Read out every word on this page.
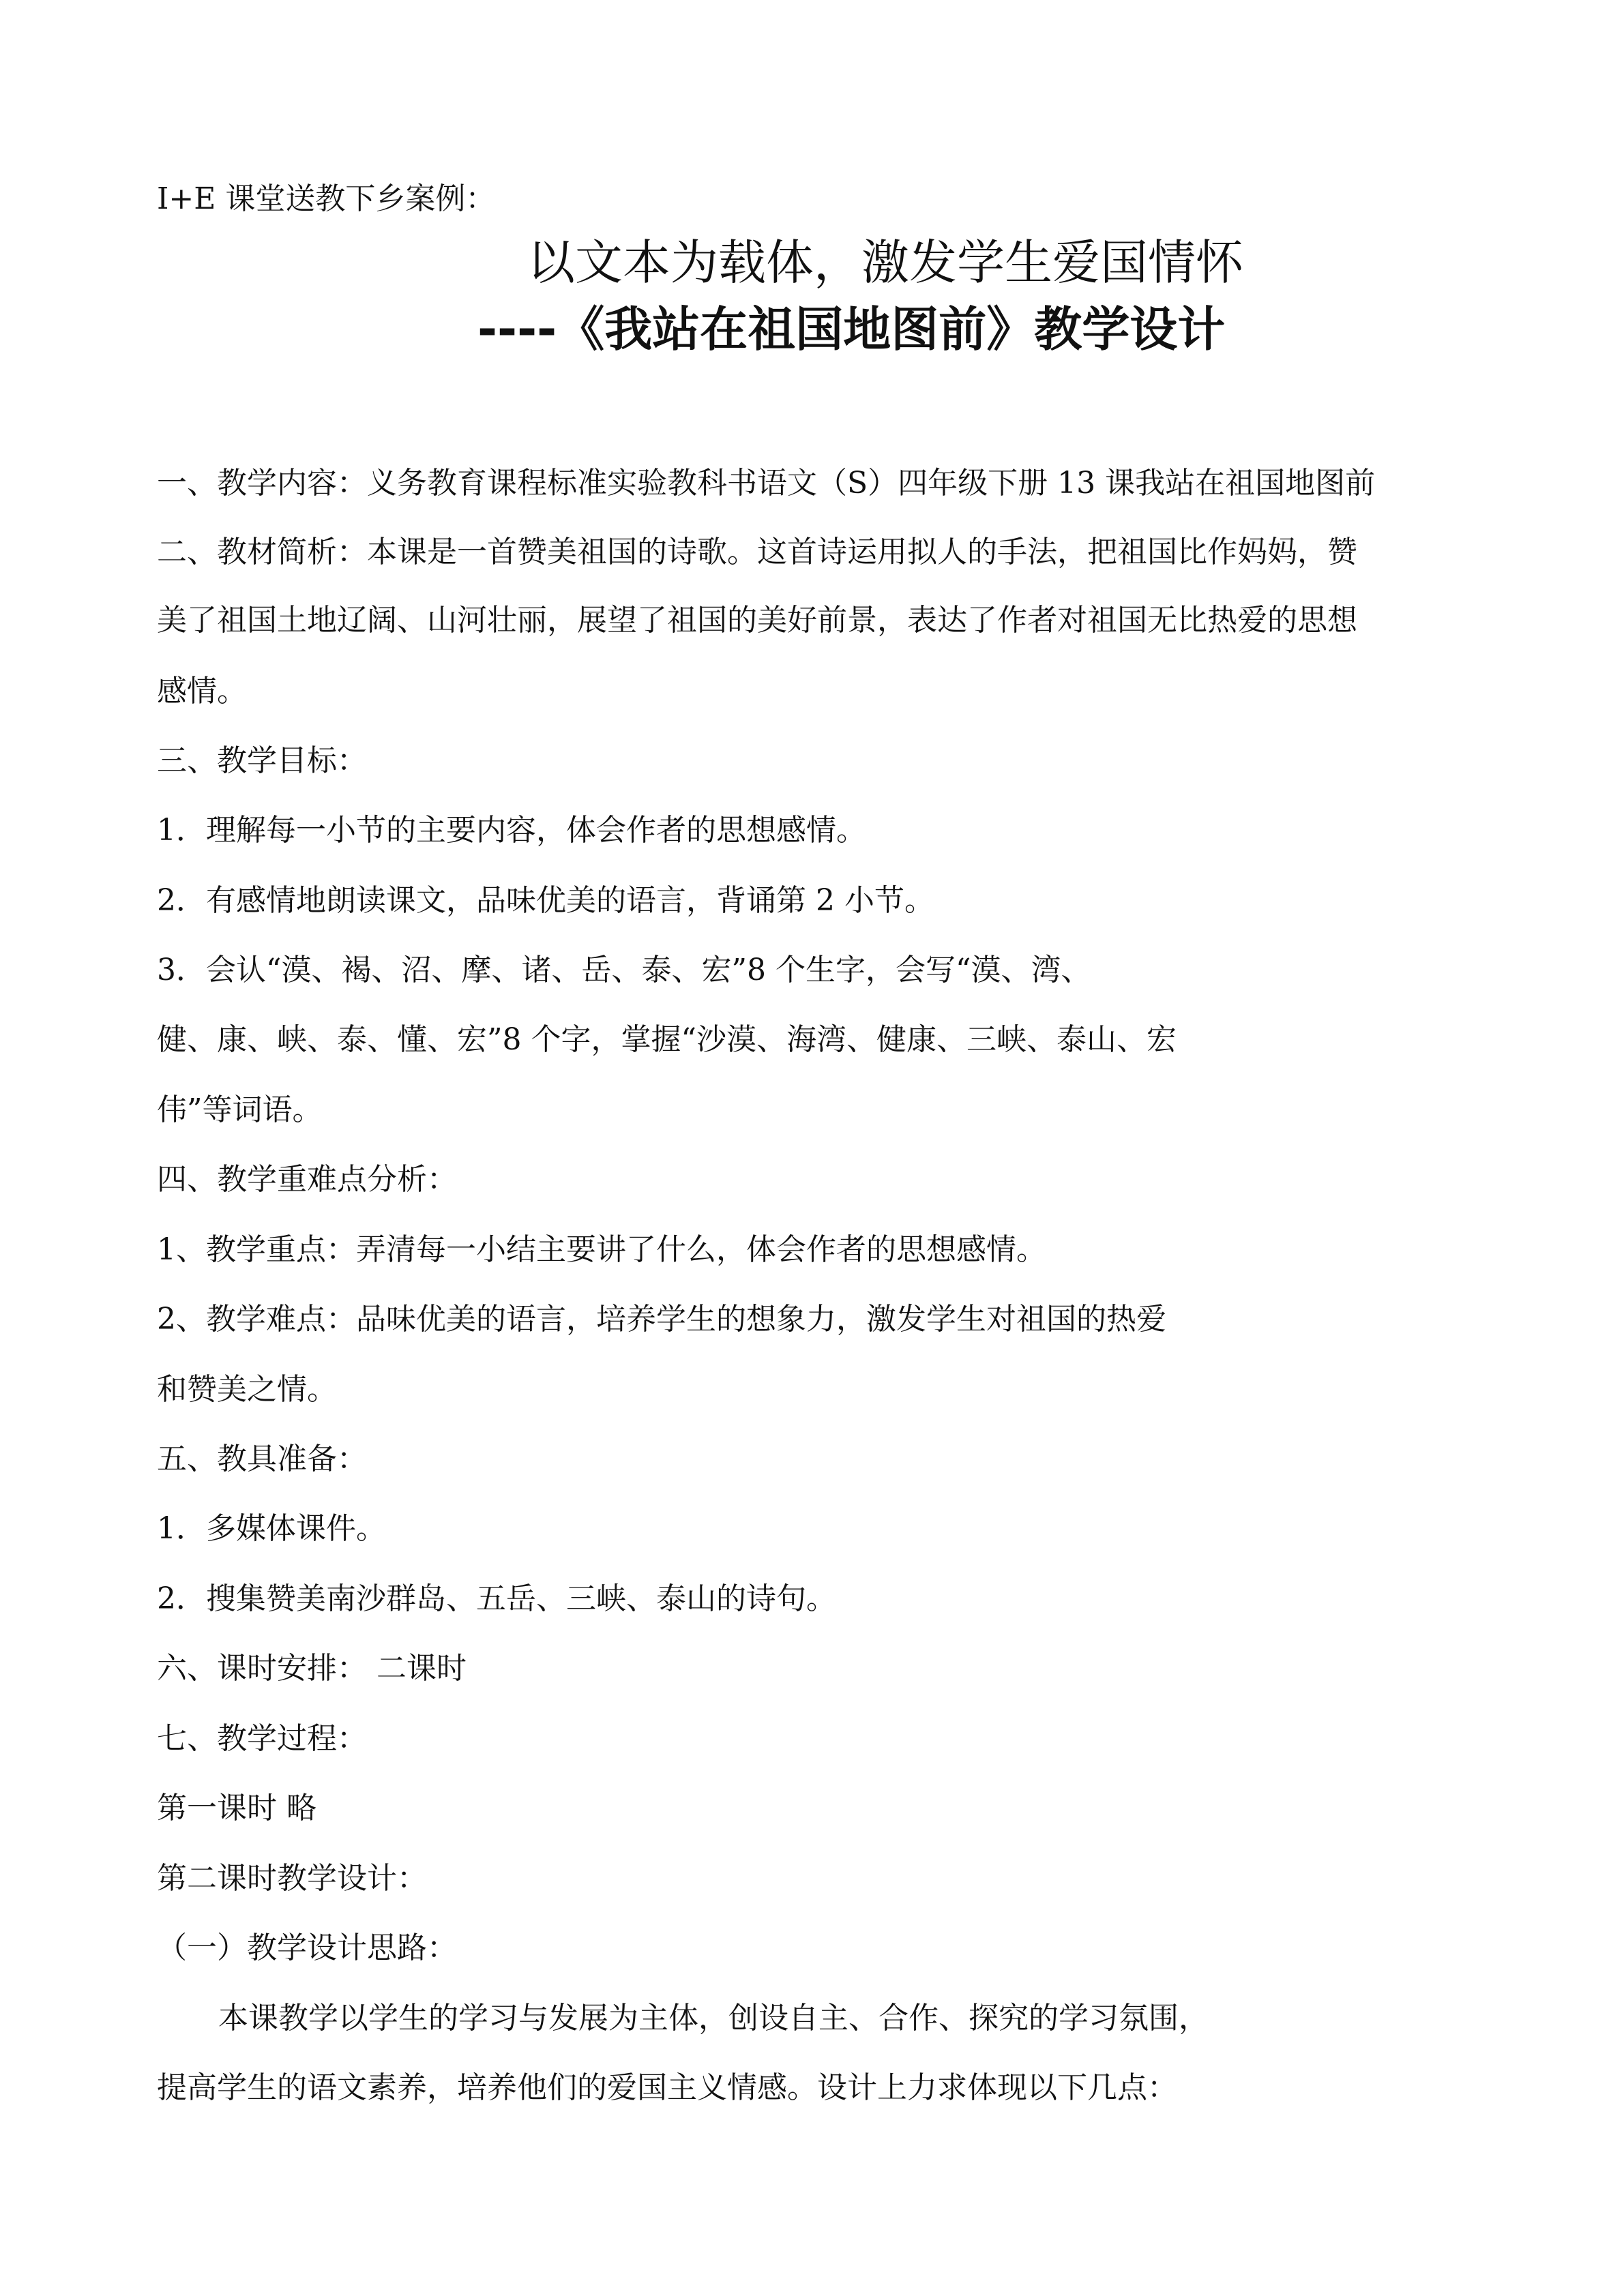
I+E 课堂送教下乡案例：
以文本为载体，激发学生爱国情怀
----《我站在祖国地图前》教学设计
一、教学内容：义务教育课程标准实验教科书语文（S）四年级下册 13 课我站在祖国地图前
二、教材简析：本课是一首赞美祖国的诗歌。这首诗运用拟人的手法，把祖国比作妈妈，赞
美了祖国土地辽阔、山河壮丽，展望了祖国的美好前景，表达了作者对祖国无比热爱的思想
感情。
三、教学目标：
1．理解每一小节的主要内容，体会作者的思想感情。
2．有感情地朗读课文，品味优美的语言，背诵第 2 小节。
3．会认“漠、褐、沼、摩、诸、岳、泰、宏”8 个生字，会写“漠、湾、
健、康、峡、泰、懂、宏”8 个字，掌握“沙漠、海湾、健康、三峡、泰山、宏
伟”等词语。
四、教学重难点分析：
1、教学重点：弄清每一小结主要讲了什么，体会作者的思想感情。
2、教学难点：品味优美的语言，培养学生的想象力，激发学生对祖国的热爱
和赞美之情。
五、教具准备：
1．多媒体课件。
2．搜集赞美南沙群岛、五岳、三峡、泰山的诗句。
六、课时安排： 二课时
七、教学过程：
第一课时 略
第二课时教学设计：
（一）教学设计思路：
本课教学以学生的学习与发展为主体，创设自主、合作、探究的学习氛围，
提高学生的语文素养，培养他们的爱国主义情感。设计上力求体现以下几点：
